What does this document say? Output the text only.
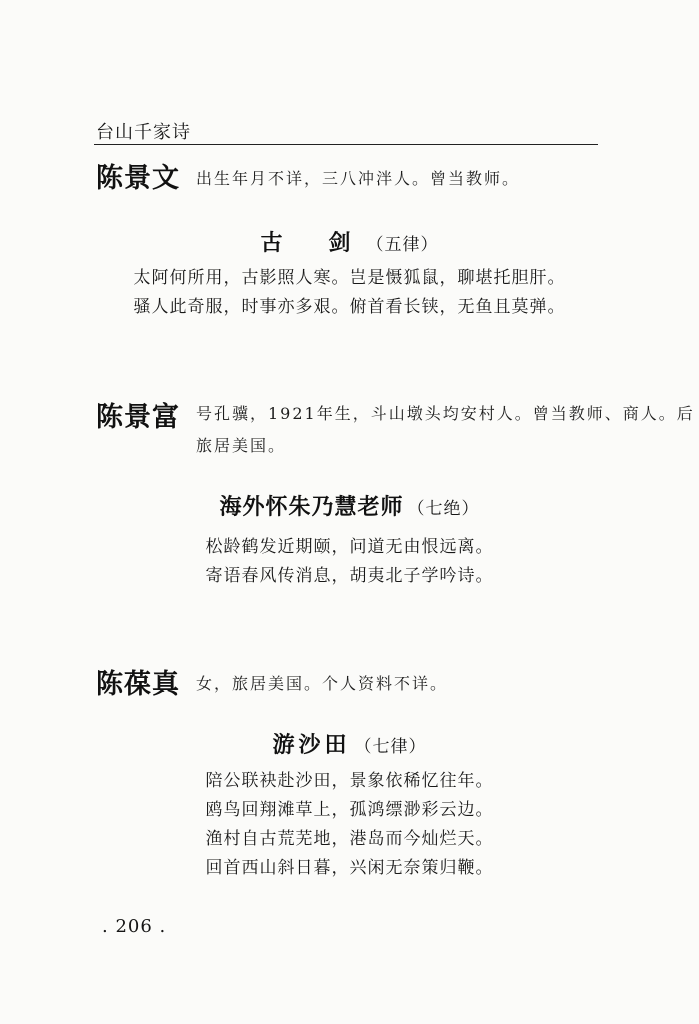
台山千家诗
陈景文 出生年月不详，三八冲泮人。曾当教师。
古　剑 （五律）
太阿何所用，古影照人寒。岂是慑狐鼠，聊堪托胆肝。
骚人此奇服，时事亦多艰。俯首看长铗，无鱼且莫弹。
陈景富	号孔骥，1921年生，斗山墩头均安村人。曾当教师、商人。后旅居美国。
海外怀朱乃慧老师 （七绝）
松龄鹤发近期颐，问道无由恨远离。
寄语春风传消息，胡夷北子学吟诗。
陈葆真 女，旅居美国。个人资料不详。
游沙田 （七律）
陪公联袂赴沙田，景象依稀忆往年。
鸥鸟回翔滩草上，孤鸿缥渺彩云边。
渔村自古荒芜地，港岛而今灿烂天。
回首西山斜日暮，兴闲无奈策归鞭。
. 206 .
